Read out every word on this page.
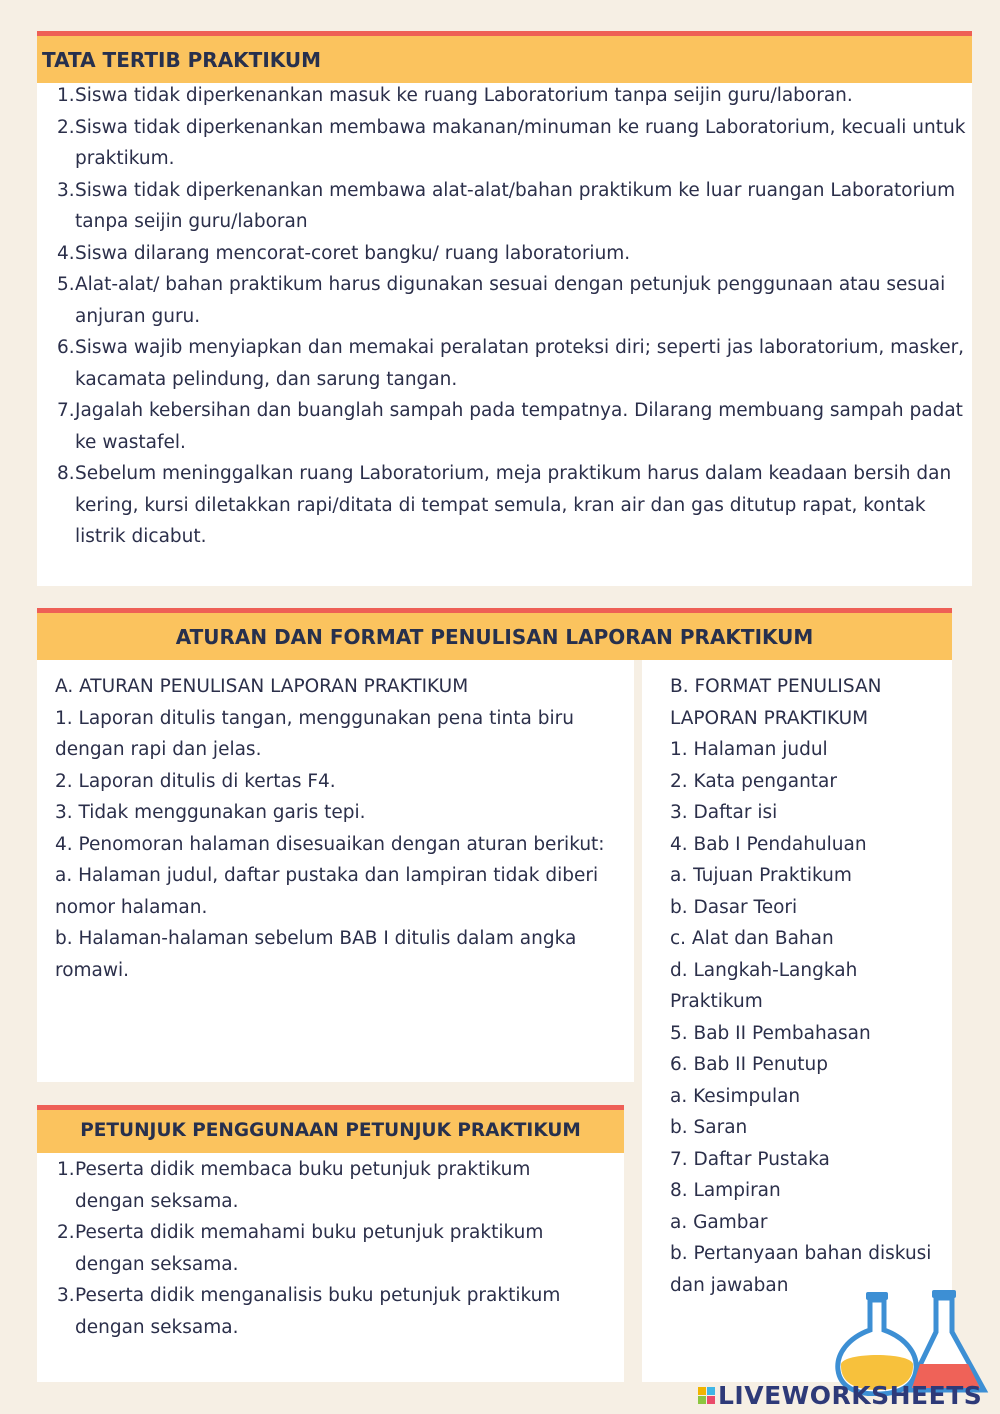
TATA TERTIB PRAKTIKUM
1. Siswa tidak diperkenankan masuk ke ruang Laboratorium tanpa seijin guru/laboran.
2. Siswa tidak diperkenankan membawa makanan/minuman ke ruang Laboratorium, kecuali untuk praktikum.
3. Siswa tidak diperkenankan membawa alat-alat/bahan praktikum ke luar ruangan Laboratorium tanpa seijin guru/laboran
4. Siswa dilarang mencorat-coret bangku/ ruang laboratorium.
5. Alat-alat/ bahan praktikum harus digunakan sesuai dengan petunjuk penggunaan atau sesuai anjuran guru.
6. Siswa wajib menyiapkan dan memakai peralatan proteksi diri; seperti jas laboratorium, masker, kacamata pelindung, dan sarung tangan.
7. Jagalah kebersihan dan buanglah sampah pada tempatnya. Dilarang membuang sampah padat ke wastafel.
8. Sebelum meninggalkan ruang Laboratorium, meja praktikum harus dalam keadaan bersih dan kering, kursi diletakkan rapi/ditata di tempat semula, kran air dan gas ditutup rapat, kontak listrik dicabut.
ATURAN DAN FORMAT PENULISAN LAPORAN PRAKTIKUM
A. ATURAN PENULISAN LAPORAN PRAKTIKUM
1. Laporan ditulis tangan, menggunakan pena tinta biru dengan rapi dan jelas.
2. Laporan ditulis di kertas F4.
3. Tidak menggunakan garis tepi.
4. Penomoran halaman disesuaikan dengan aturan berikut:
a. Halaman judul, daftar pustaka dan lampiran tidak diberi nomor halaman.
b. Halaman-halaman sebelum BAB I ditulis dalam angka romawi.
B. FORMAT PENULISAN LAPORAN PRAKTIKUM
1. Halaman judul
2. Kata pengantar
3. Daftar isi
4. Bab I Pendahuluan
a. Tujuan Praktikum
b. Dasar Teori
c. Alat dan Bahan
d. Langkah-Langkah Praktikum
5. Bab II Pembahasan
6. Bab II Penutup
a. Kesimpulan
b. Saran
7. Daftar Pustaka
8. Lampiran
a. Gambar
b. Pertanyaan bahan diskusi dan jawaban
PETUNJUK PENGGUNAAN PETUNJUK PRAKTIKUM
1. Peserta didik membaca buku petunjuk praktikum dengan seksama.
2. Peserta didik memahami buku petunjuk praktikum dengan seksama.
3. Peserta didik menganalisis buku petunjuk praktikum dengan seksama.
LIVEWORKSHEETS
